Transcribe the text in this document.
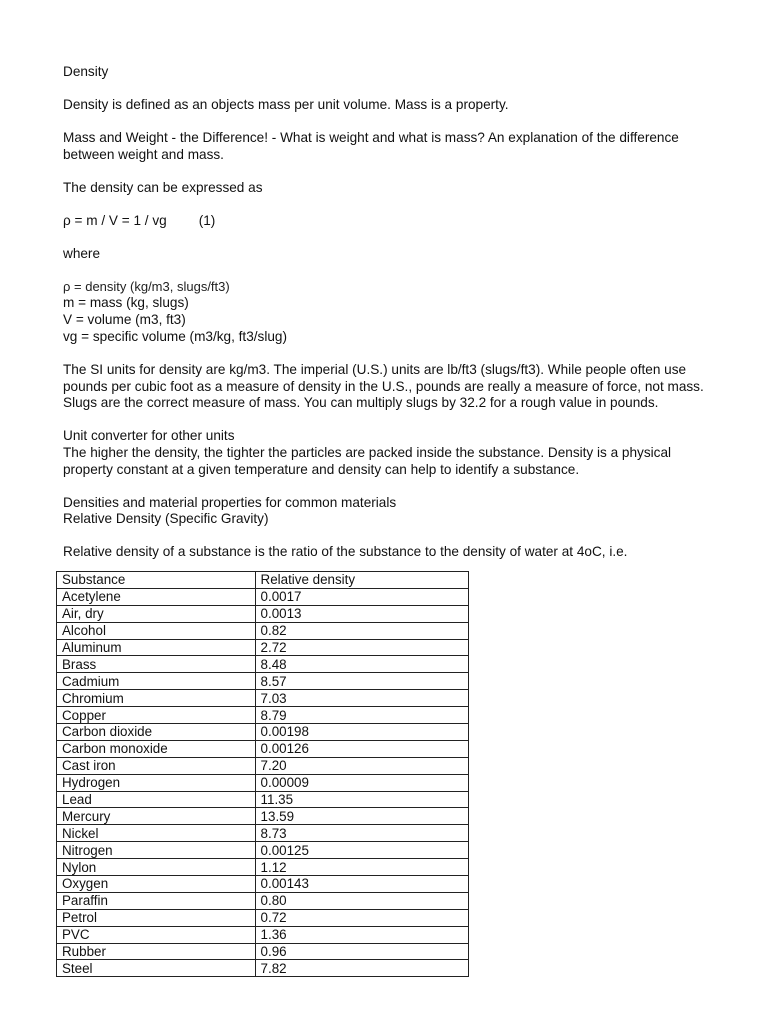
Density

Density is defined as an objects mass per unit volume. Mass is a property.

Mass and Weight - the Difference! - What is weight and what is mass? An explanation of the difference

between weight and mass.

The density can be expressed as

ρ = m / V = 1 / vg (1)

where

ρ = density (kg/m3, slugs/ft3)

m = mass (kg, slugs)

V = volume (m3, ft3)

vg = specific volume (m3/kg, ft3/slug)

The SI units for density are kg/m3. The imperial (U.S.) units are lb/ft3 (slugs/ft3). While people often use

pounds per cubic foot as a measure of density in the U.S., pounds are really a measure of force, not mass.

Slugs are the correct measure of mass. You can multiply slugs by 32.2 for a rough value in pounds.

Unit converter for other units

The higher the density, the tighter the particles are packed inside the substance. Density is a physical

property constant at a given temperature and density can help to identify a substance.

Densities and material properties for common materials

Relative Density (Specific Gravity)

Relative density of a substance is the ratio of the substance to the density of water at 4oC, i.e.

Substance	Relative density
Acetylene	0.0017
Air, dry	0.0013
Alcohol	0.82
Aluminum	2.72
Brass	8.48
Cadmium	8.57
Chromium	7.03
Copper	8.79
Carbon dioxide	0.00198
Carbon monoxide	0.00126
Cast iron	7.20
Hydrogen	0.00009
Lead	11.35
Mercury	13.59
Nickel	8.73
Nitrogen	0.00125
Nylon	1.12
Oxygen	0.00143
Paraffin	0.80
Petrol	0.72
PVC	1.36
Rubber	0.96
Steel	7.82
